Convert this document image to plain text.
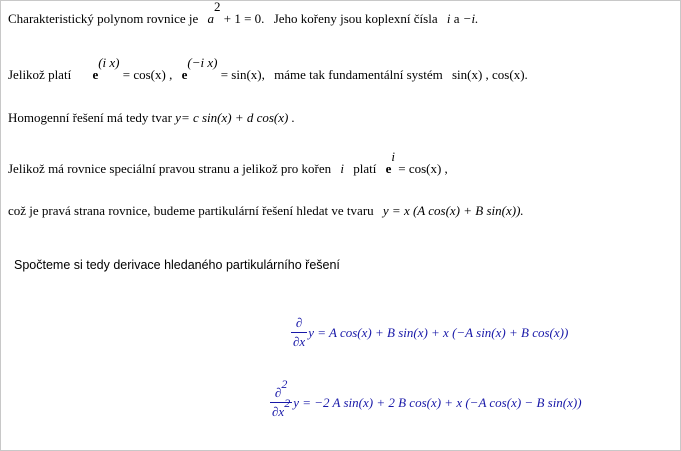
Charakteristický polynom rovnice je a2 + 1 = 0. Jeho kořeny jsou koplexní čísla i a −i.
Jelikož platí e(i x) = cos(x) , e(−i x) = sin(x), máme tak fundamentální systém sin(x) , cos(x).
Homogenní řešení má tedy tvar y= c sin(x) + d cos(x) .
Jelikož má rovnice speciální pravou stranu a jelikož pro kořen i platí ei = cos(x) ,
což je pravá strana rovnice, budeme partikulární řešení hledat ve tvaru y = x (A cos(x) + B sin(x)).
Spočteme si tedy derivace hledaného partikulárního řešení
$\frac{\partial}{\partial x}$ y = A cos(x) + B sin(x) + x (−A sin(x) + B cos(x))
$\frac{\partial 2}{\partial x2}$ y = −2 A sin(x) + 2 B cos(x) + x (−A cos(x) − B sin(x))
